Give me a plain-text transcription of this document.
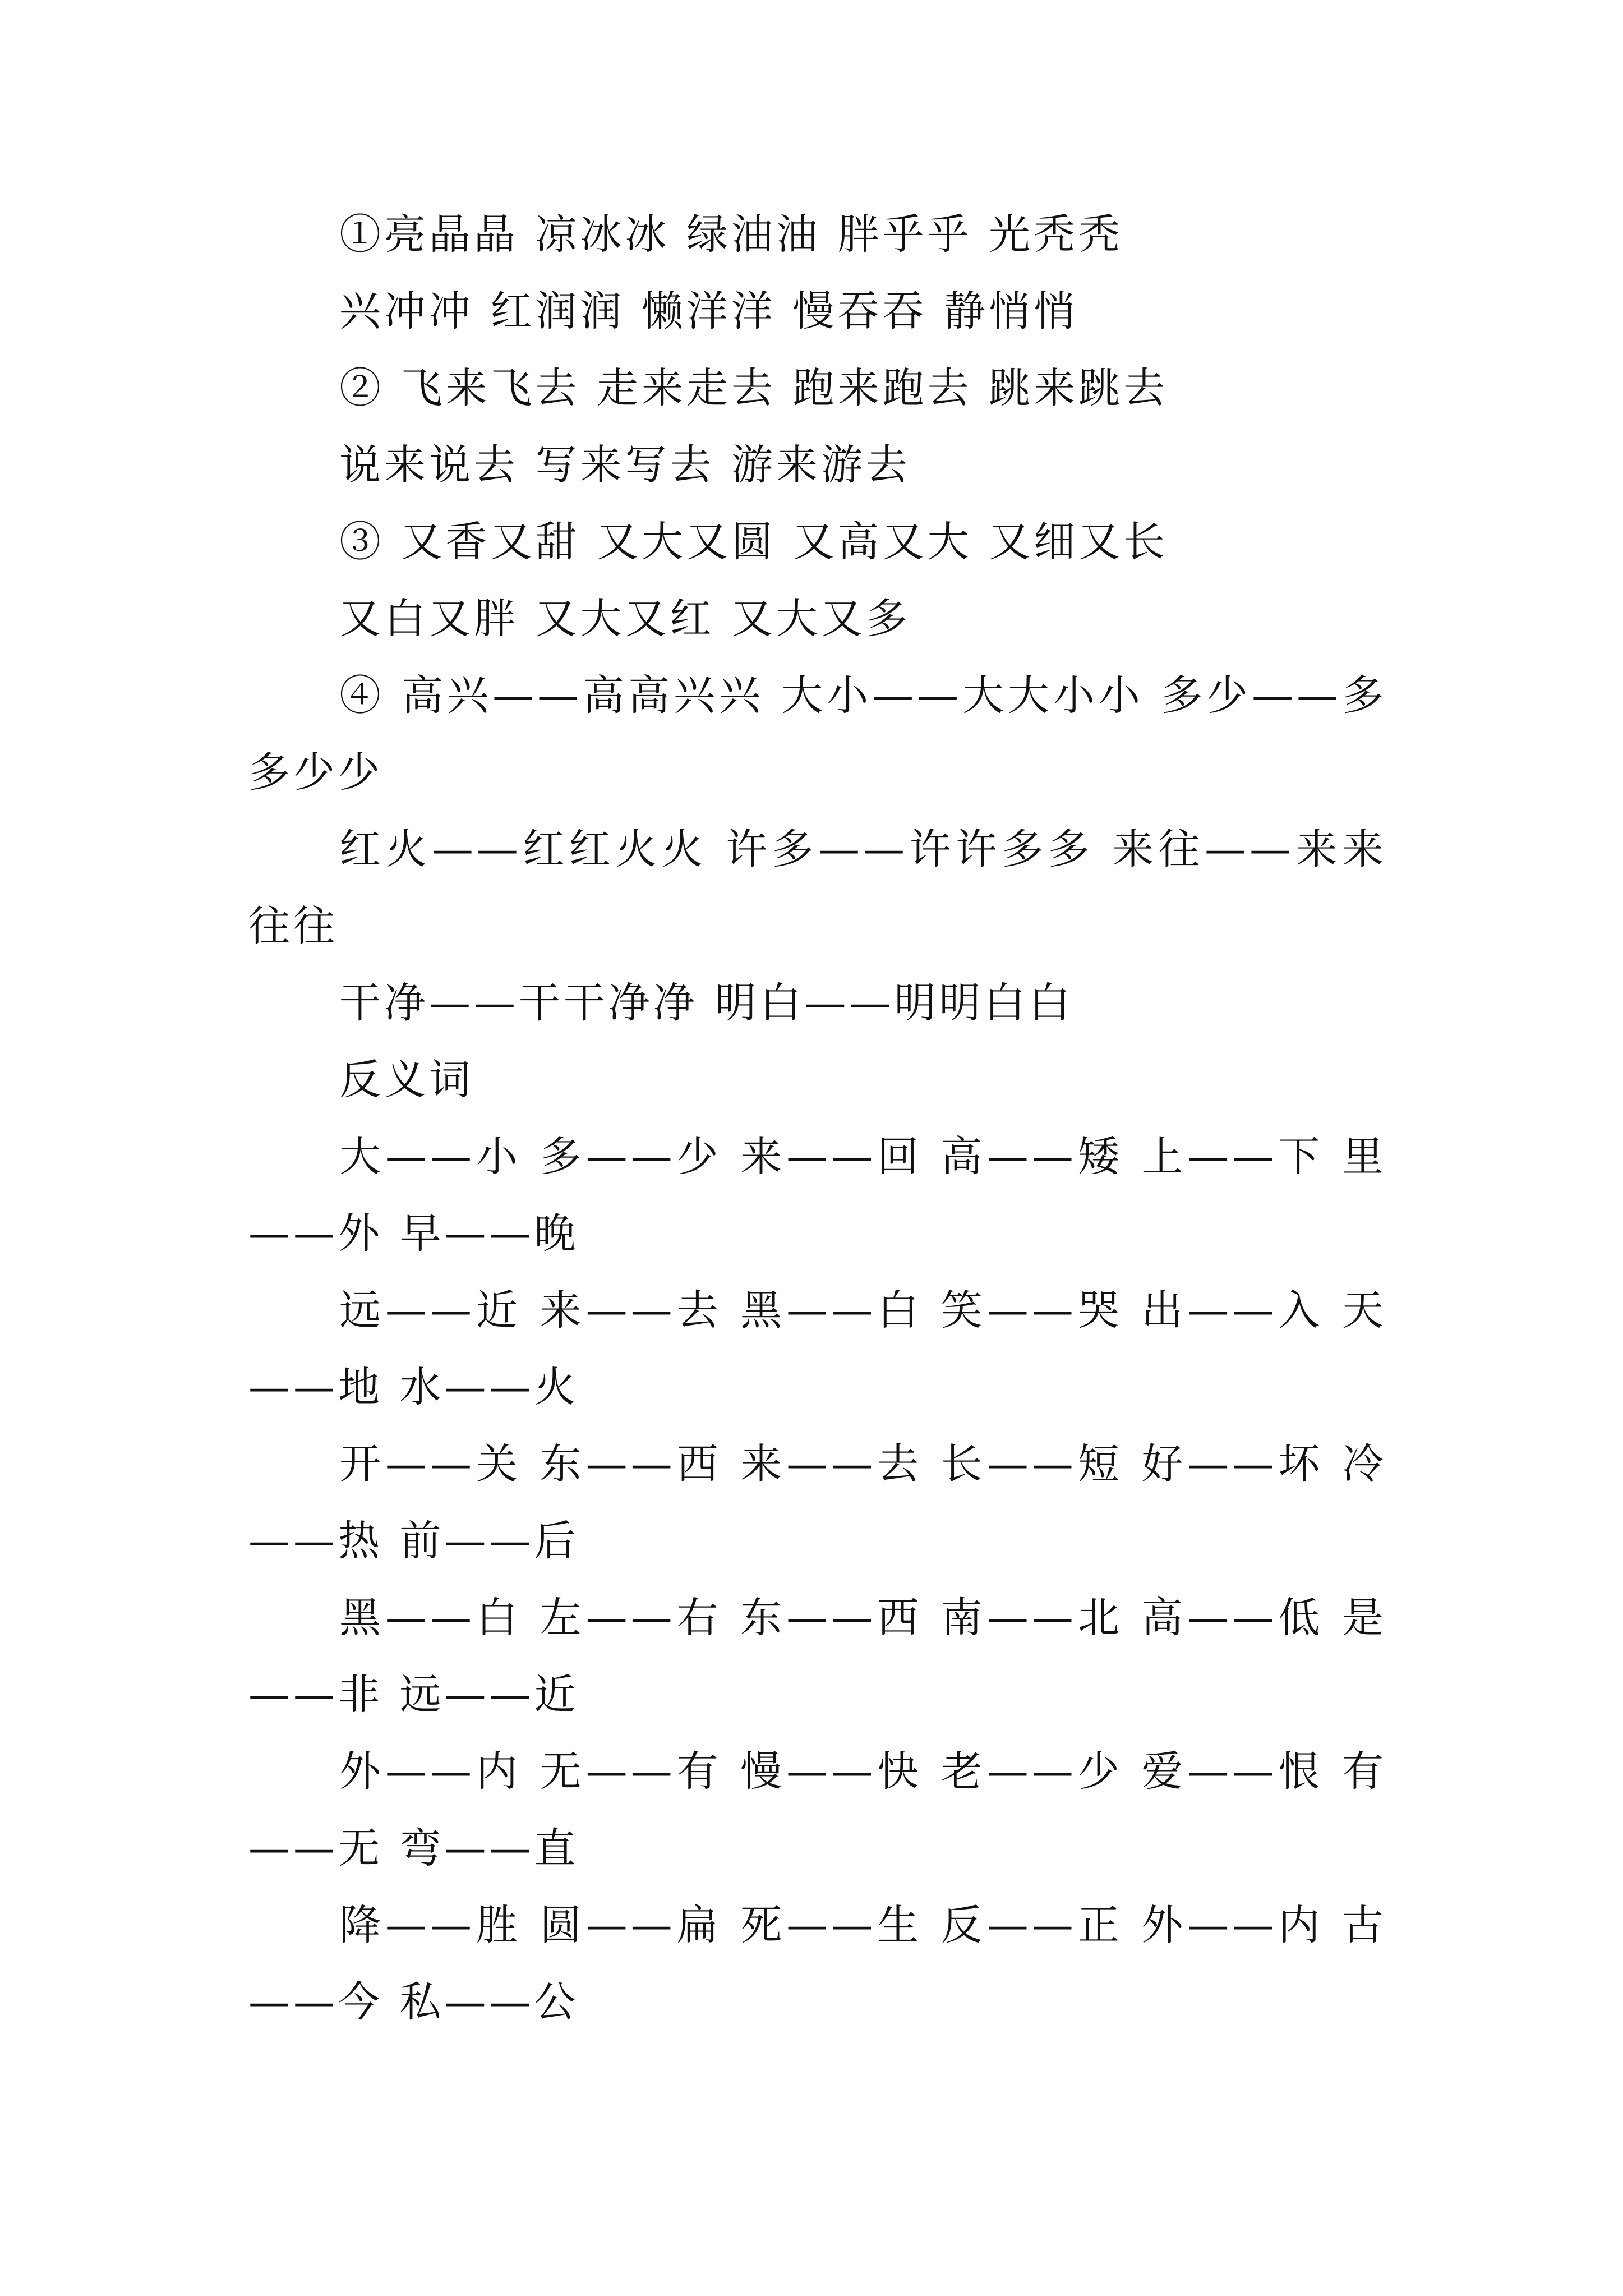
①亮晶晶 凉冰冰 绿油油 胖乎乎 光秃秃

兴冲冲 红润润 懒洋洋 慢吞吞 静悄悄

② 飞来飞去 走来走去 跑来跑去 跳来跳去

说来说去 写来写去 游来游去

③ 又香又甜 又大又圆 又高又大 又细又长

又白又胖 又大又红 又大又多

④ 高兴——高高兴兴 大小——大大小小 多少——多多少少

红火——红红火火 许多——许许多多 来往——来来往往

干净——干干净净 明白——明明白白

反义词

大——小 多——少 来——回 高——矮 上——下 里——外 早——晚

远——近 来——去 黑——白 笑——哭 出——入 天——地 水——火

开——关 东——西 来——去 长——短 好——坏 冷——热 前——后

黑——白 左——右 东——西 南——北 高——低 是——非 远——近

外——内 无——有 慢——快 老——少 爱——恨 有——无 弯——直

降——胜 圆——扁 死——生 反——正 外——内 古——今 私——公
